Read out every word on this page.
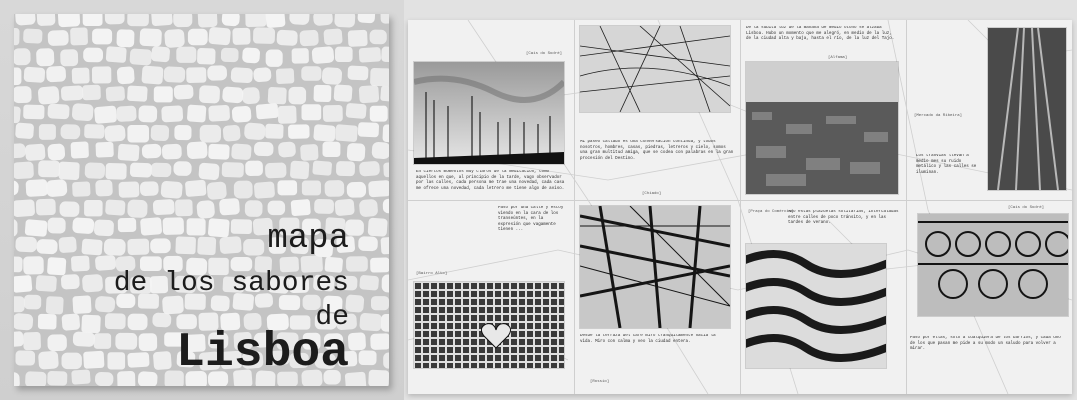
mapa
de los sabores
de
Lisboa
[Cais do Sodré]
[Chiado]
[Alfama]
[Bairro Alto]
[Praça do Comércio]
[Rossio]
[Mercado da Ribeira]
[Cais do Sodré]
En ciertos momentos muy claros de la meditación, como aquellos en que, al principio de la tarde, vago observador por las calles, cada persona me trae una novedad, cada casa me ofrece una novedad, cada letrero me tiene algo de aviso.
Mi paseo callado es una conversación continua, y todos nosotros, hombres, casas, piedras, letreros y cielo, somos una gran multitud amiga, que se codea con palabras en la gran procesión del Destino.
De la súbita luz de la mañana de medio otoño se alzaba Lisboa. Hubo un momento que me alegró, en medio de la luz, de la ciudad alta y baja, hasta el río, de la luz del Tajo.
Los tranvías llevan a medio mes su ruido metálico y las calles se iluminan.
Paso por una calle y estoy viendo en la cara de los transeúntes, en la expresión que vagamente tienen ...
Desde la terraza del café miro tranquilamente hacia la vida. Miro con calma y veo la ciudad entera.
Amo estas plazuelas solitarias, intercaladas entre calles de poco tránsito, y en las tardes de verano.
Paso por ellas, sólo a cualquiera de los barrios, y cada uno de los que pasan me pide a su modo un saludo para volver a mirar.
